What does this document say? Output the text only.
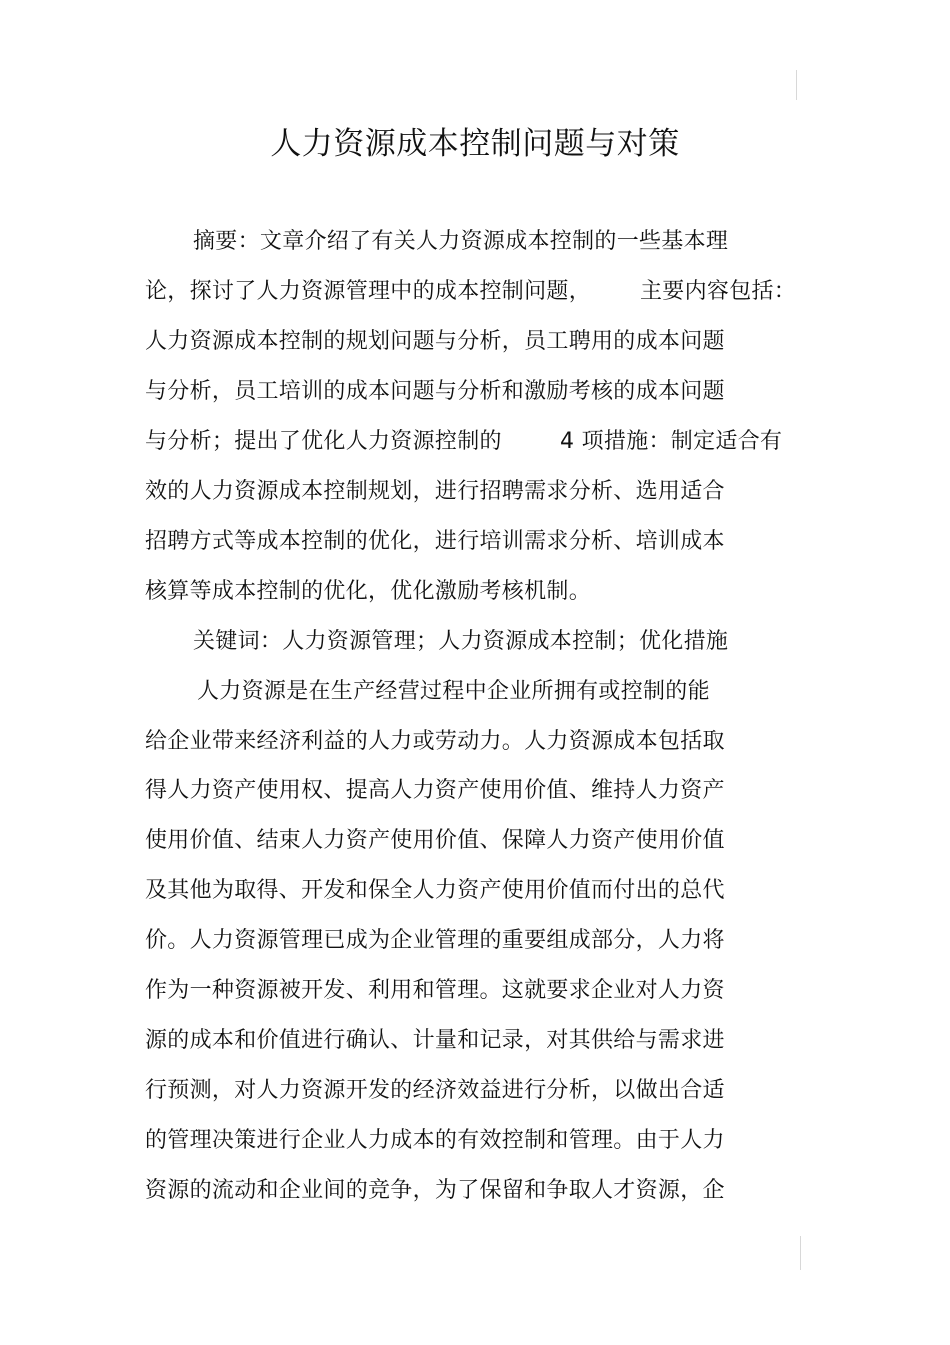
人力资源成本控制问题与对策
摘要：文章介绍了有关人力资源成本控制的一些基本理
论，探讨了人力资源管理中的成本控制问题， 主要内容包括：
人力资源成本控制的规划问题与分析，员工聘用的成本问题
与分析，员工培训的成本问题与分析和激励考核的成本问题
与分析；提出了优化人力资源控制的	4 项措施：制定适合有
效的人力资源成本控制规划，进行招聘需求分析、选用适合
招聘方式等成本控制的优化，进行培训需求分析、培训成本
核算等成本控制的优化，优化激励考核机制。
关键词：人力资源管理；人力资源成本控制；优化措施
人力资源是在生产经营过程中企业所拥有或控制的能
给企业带来经济利益的人力或劳动力。人力资源成本包括取
得人力资产使用权、提高人力资产使用价值、维持人力资产
使用价值、结束人力资产使用价值、保障人力资产使用价值
及其他为取得、开发和保全人力资产使用价值而付出的总代
价。人力资源管理已成为企业管理的重要组成部分，人力将
作为一种资源被开发、利用和管理。这就要求企业对人力资
源的成本和价值进行确认、计量和记录，对其供给与需求进
行预测，对人力资源开发的经济效益进行分析，以做出合适
的管理决策进行企业人力成本的有效控制和管理。由于人力
资源的流动和企业间的竞争，为了保留和争取人才资源，企
